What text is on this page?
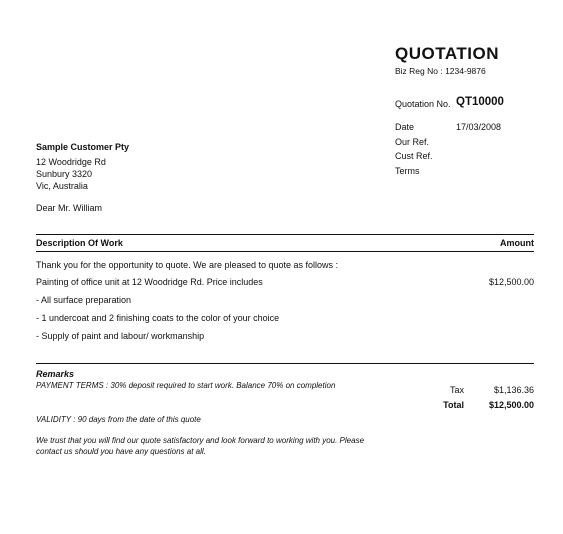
QUOTATION
Biz Reg No : 1234-9876
Quotation No. QT10000
Date	17/03/2008
Our Ref.
Cust Ref.
Terms
Sample Customer Pty
12 Woodridge Rd
Sunbury 3320
Vic, Australia
Dear Mr. William
Description Of Work	Amount
Thank you for the opportunity to quote. We are pleased to quote as follows :
Painting of office unit at 12 Woodridge Rd. Price includes	$12,500.00
- All surface preparation
- 1 undercoat and 2 finishing coats to the color of your choice
- Supply of paint and labour/ workmanship
Remarks
PAYMENT TERMS : 30% deposit required to start work. Balance 70% on completion
VALIDITY : 90 days from the date of this quote
We trust that you will find our quote satisfactory and look forward to working with you. Please contact us should you have any questions at all.
Tax	$1,136.36
Total	$12,500.00
